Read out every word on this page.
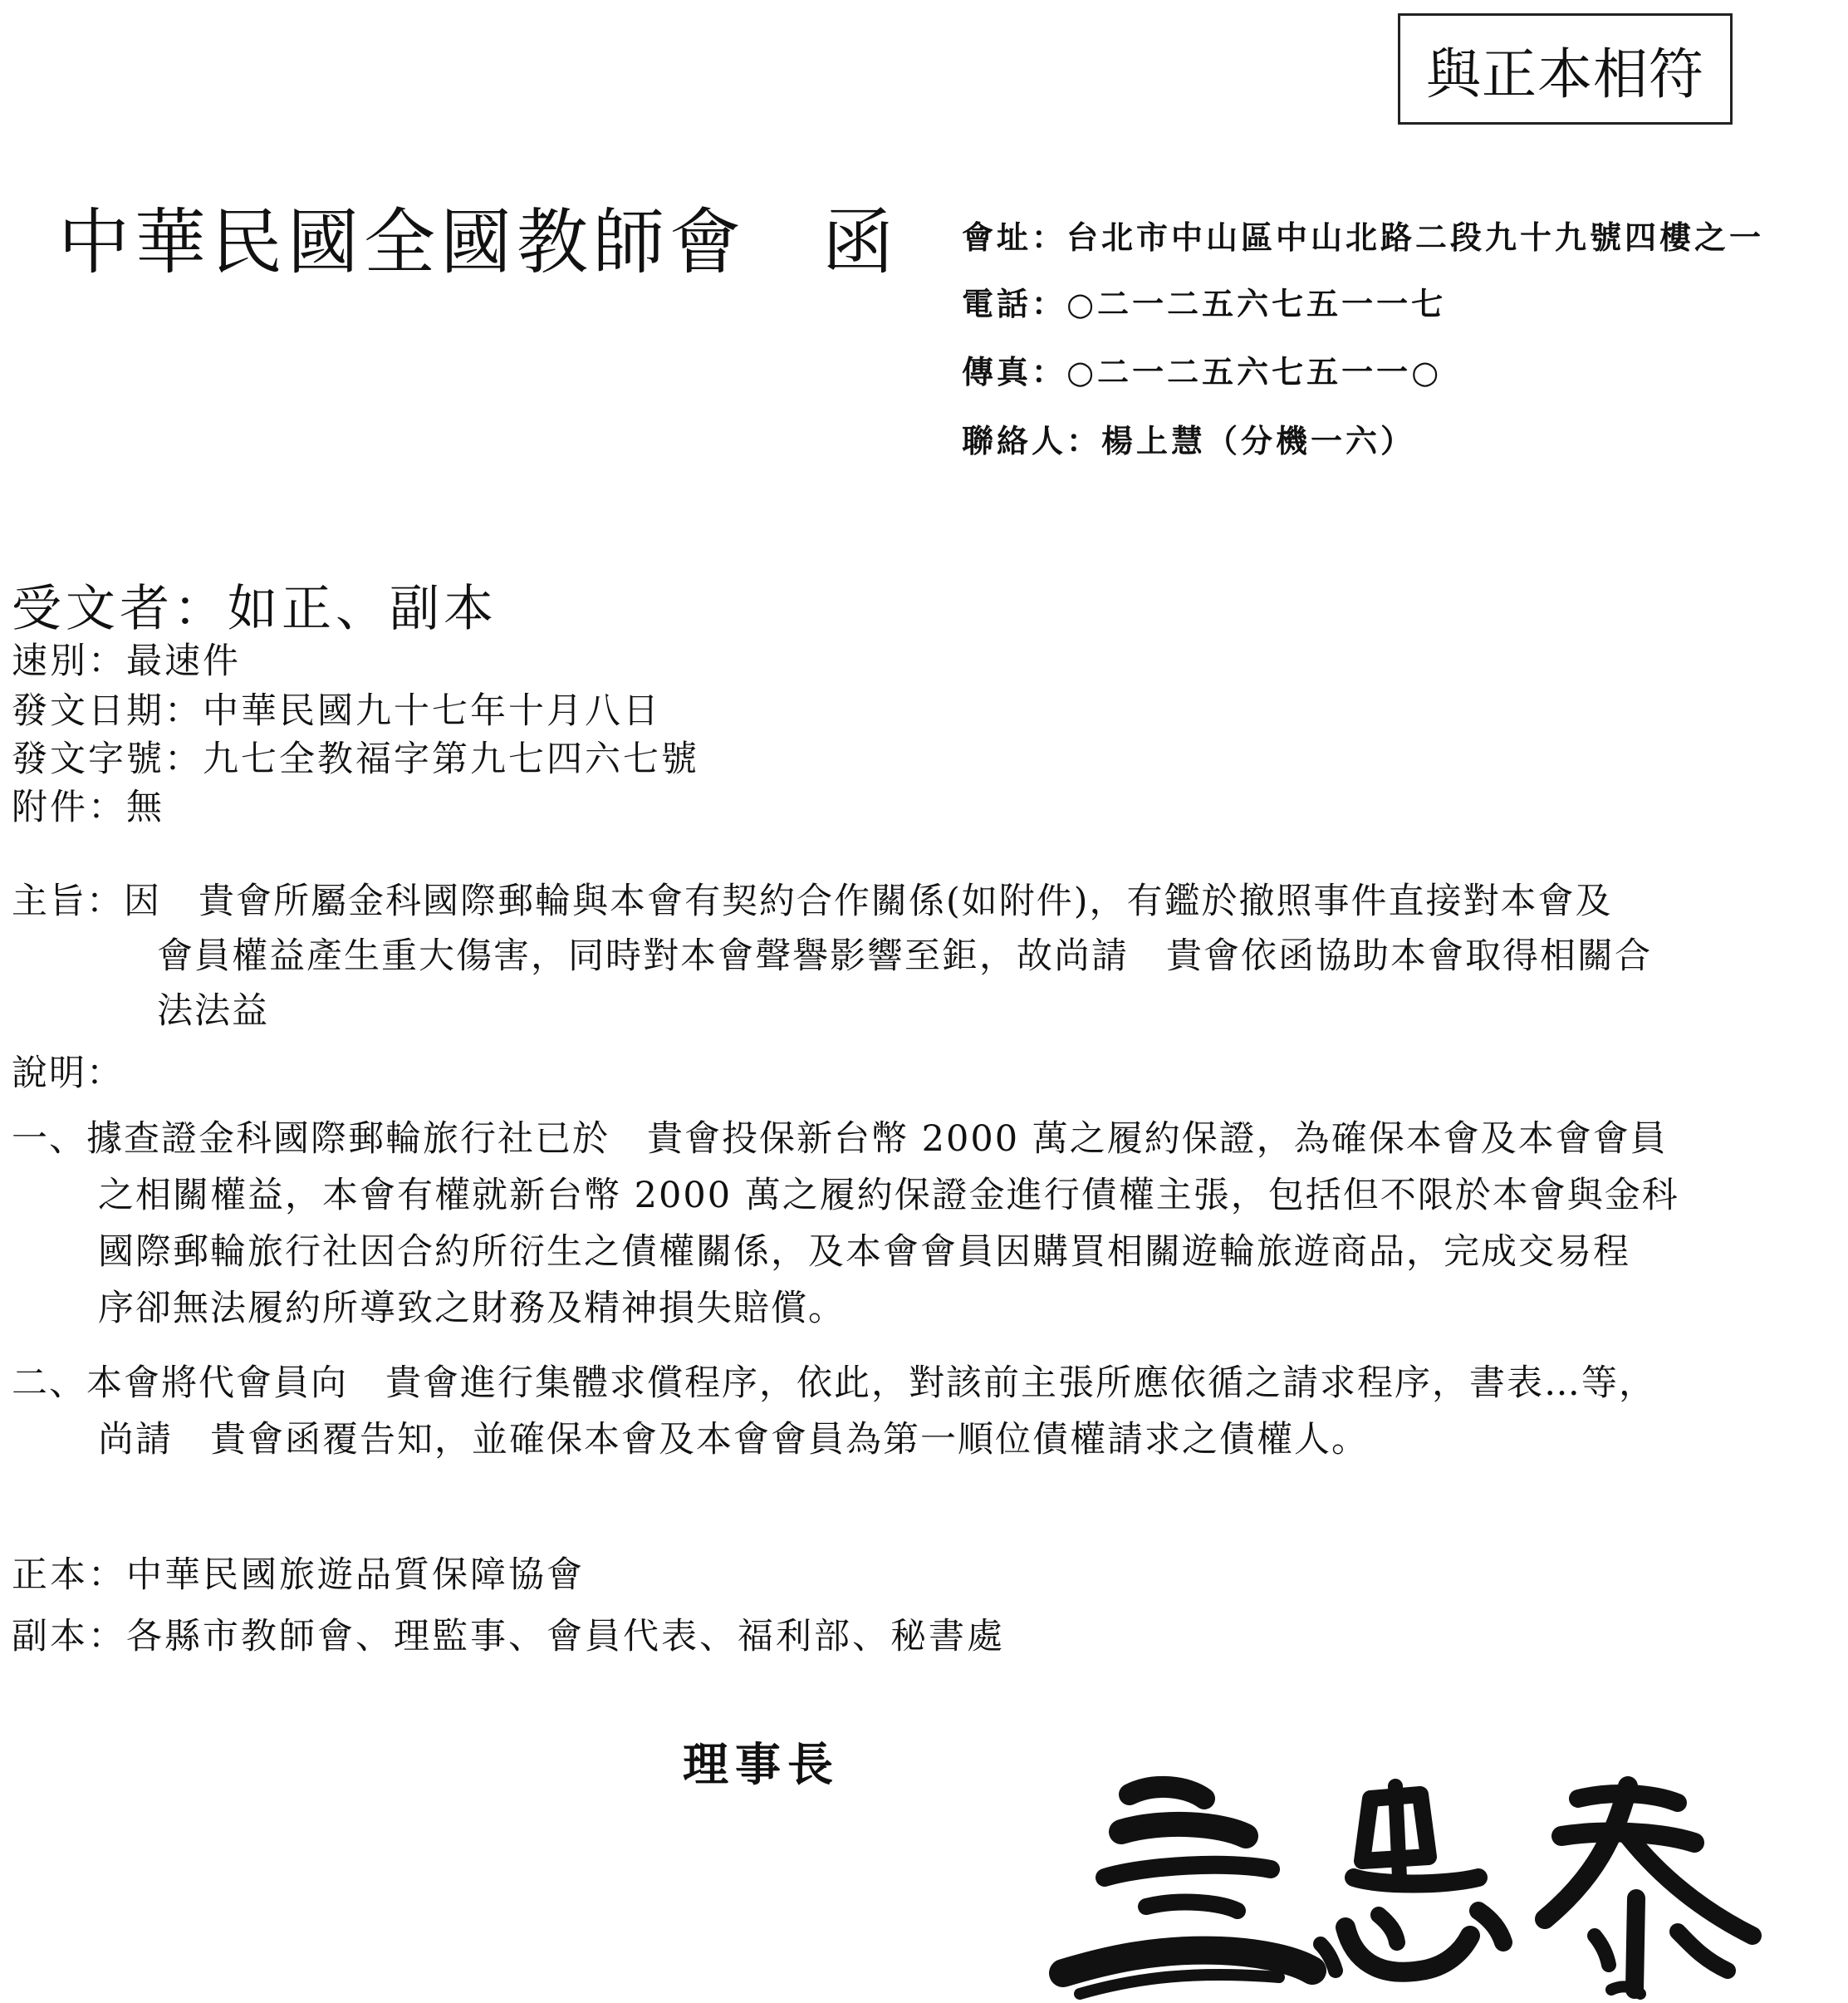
與正本相符
中華民國全國教師會 函 會址：台北市中山區中山北路二段九十九號四樓之一
電話：○二一二五六七五一一七
傳真：○二一二五六七五一一○
聯絡人：楊上慧（分機一六）
受文者：如正、副本
速別：最速件
發文日期：中華民國九十七年十月八日
發文字號：九七全教福字第九七四六七號
附件：無
主旨：因　貴會所屬金科國際郵輪與本會有契約合作關係(如附件)，有鑑於撤照事件直接對本會及
會員權益產生重大傷害，同時對本會聲譽影響至鉅，故尚請　貴會依函協助本會取得相關合
法法益
說明：
一、據查證金科國際郵輪旅行社已於　貴會投保新台幣 2000 萬之履約保證，為確保本會及本會會員
之相關權益，本會有權就新台幣 2000 萬之履約保證金進行債權主張，包括但不限於本會與金科
國際郵輪旅行社因合約所衍生之債權關係，及本會會員因購買相關遊輪旅遊商品，完成交易程
序卻無法履約所導致之財務及精神損失賠償。
二、本會將代會員向　貴會進行集體求償程序，依此，對該前主張所應依循之請求程序，書表…等，
尚請　貴會函覆告知，並確保本會及本會會員為第一順位債權請求之債權人。
正本：中華民國旅遊品質保障協會
副本：各縣市教師會、理監事、會員代表、福利部、秘書處
理事長
